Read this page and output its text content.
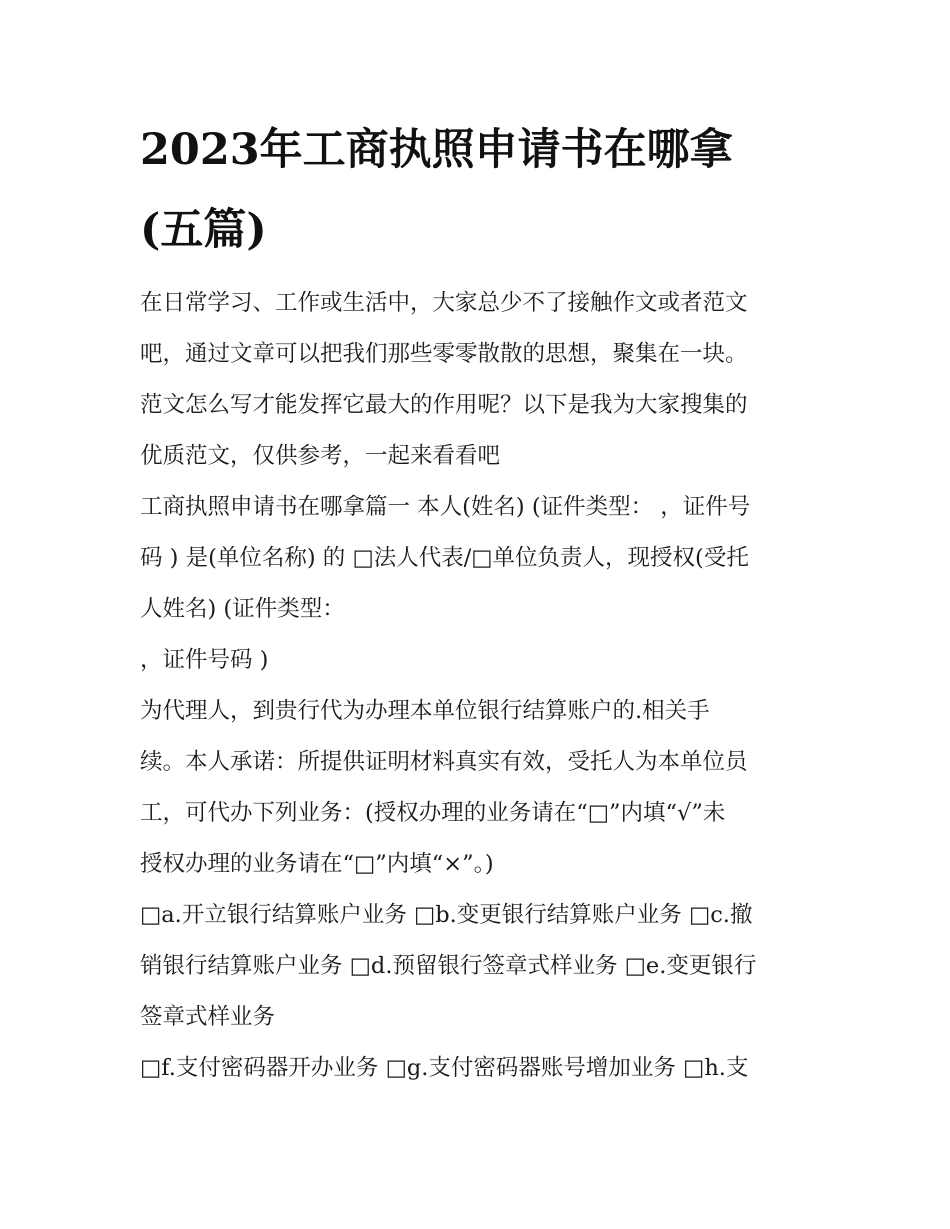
2023年工商执照申请书在哪拿
(五篇)

在日常学习、工作或生活中，大家总少不了接触作文或者范文
吧，通过文章可以把我们那些零零散散的思想，聚集在一块。
范文怎么写才能发挥它最大的作用呢？以下是我为大家搜集的
优质范文，仅供参考，一起来看看吧

工商执照申请书在哪拿篇一 本人(姓名) (证件类型： ，证件号
码 ) 是(单位名称) 的 □法人代表/□单位负责人，现授权(受托
人姓名) (证件类型：

，证件号码 )

为代理人，到贵行代为办理本单位银行结算账户的.相关手
续。本人承诺：所提供证明材料真实有效，受托人为本单位员
工，可代办下列业务：(授权办理的业务请在“□”内填“√”未
授权办理的业务请在“□”内填“×”。)

□a.开立银行结算账户业务 □b.变更银行结算账户业务 □c.撤
销银行结算账户业务 □d.预留银行签章式样业务 □e.变更银行
签章式样业务

□f.支付密码器开办业务 □g.支付密码器账号增加业务 □h.支
